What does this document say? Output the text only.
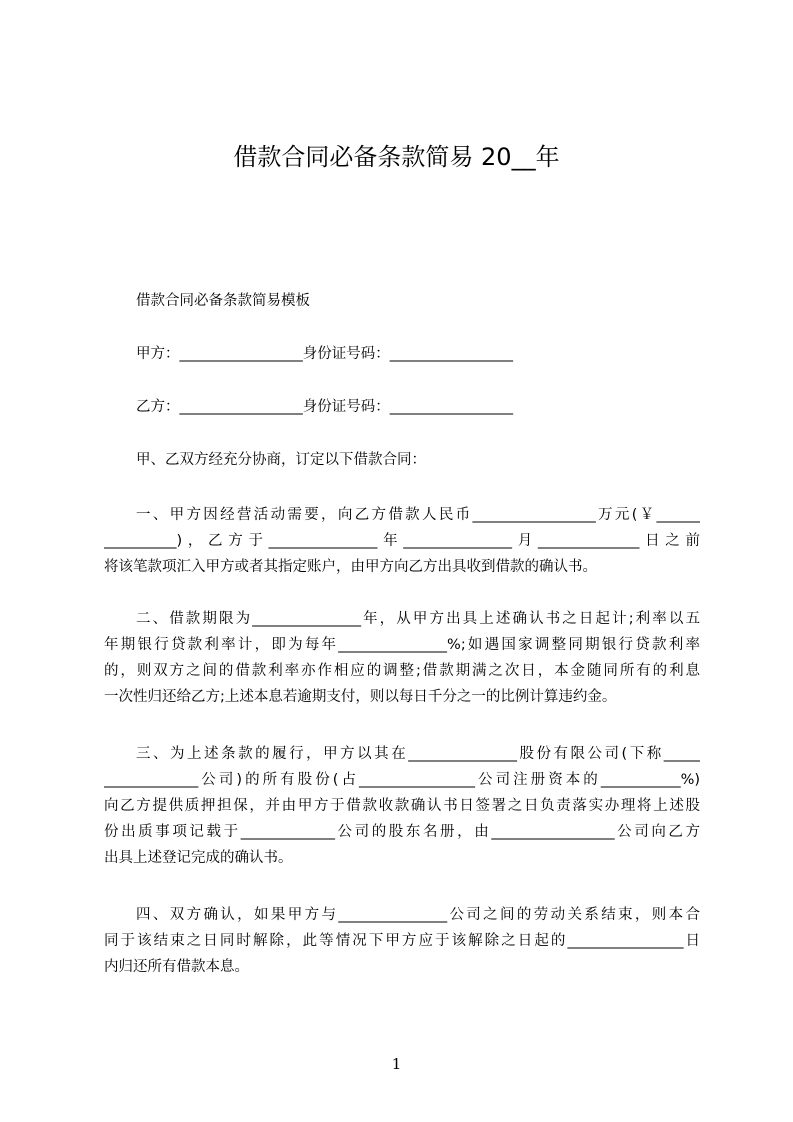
借款合同必备条款简易 20__年
借款合同必备条款简易模板
甲方：_________________身份证号码：_________________
乙方：_________________身份证号码：_________________
甲、乙双方经充分协商，订定以下借款合同：
一、甲方因经营活动需要，向乙方借款人民币_________________万元(￥______
__________)，乙方于_______________年_______________月______________日之前
将该笔款项汇入甲方或者其指定账户，由甲方向乙方出具收到借款的确认书。
二、借款期限为_______________年，从甲方出具上述确认书之日起计;利率以五
年期银行贷款利率计，即为每年_______________%;如遇国家调整同期银行贷款利率
的，则双方之间的借款利率亦作相应的调整;借款期满之次日，本金随同所有的利息
一次性归还给乙方;上述本息若逾期支付，则以每日千分之一的比例计算违约金。
三、为上述条款的履行，甲方以其在_______________股份有限公司(下称_____
_____________公司)的所有股份(占________________公司注册资本的___________%)
向乙方提供质押担保，并由甲方于借款收款确认书日签署之日负责落实办理将上述股
份出质事项记载于_____________公司的股东名册，由_________________公司向乙方
出具上述登记完成的确认书。
四、双方确认，如果甲方与_______________公司之间的劳动关系结束，则本合
同于该结束之日同时解除，此等情况下甲方应于该解除之日起的________________日
内归还所有借款本息。
1
